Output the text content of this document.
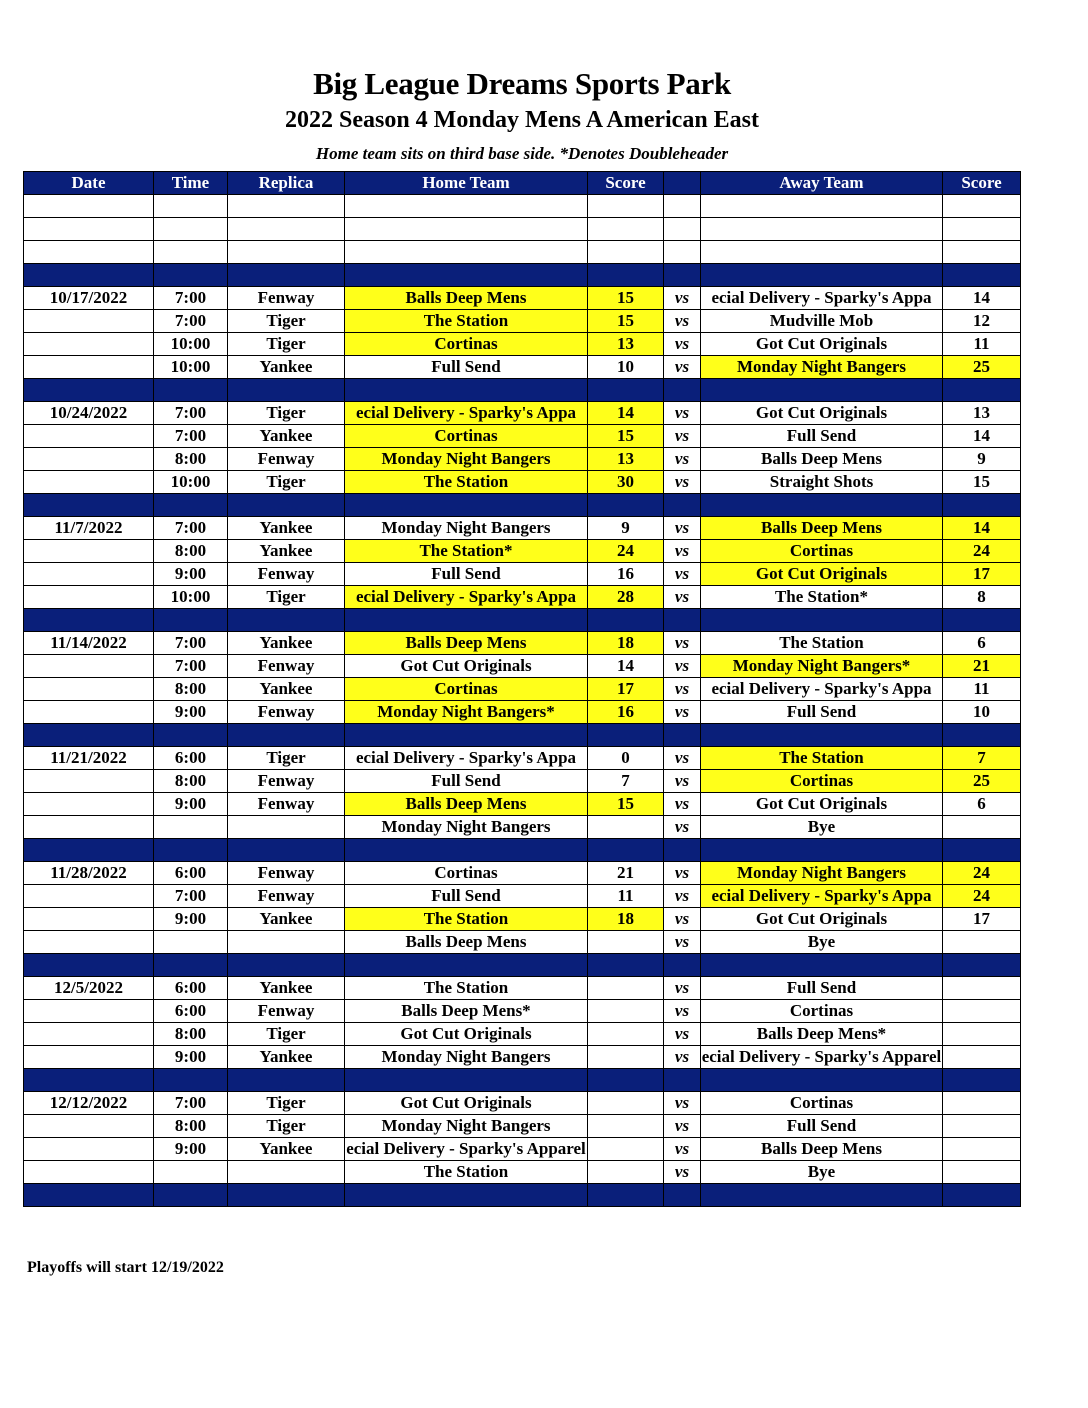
Big League Dreams Sports Park
2022 Season 4 Monday Mens A American East
Home team sits on third base side. *Denotes Doubleheader
Date	Time	Replica	Home Team	Score		Away Team	Score

10/17/2022	7:00	Fenway	Balls Deep Mens	15	vs	ecial Delivery - Sparky's Appa	14
	7:00	Tiger	The Station	15	vs	Mudville Mob	12
	10:00	Tiger	Cortinas	13	vs	Got Cut Originals	11
	10:00	Yankee	Full Send	10	vs	Monday Night Bangers	25

10/24/2022	7:00	Tiger	ecial Delivery - Sparky's Appa	14	vs	Got Cut Originals	13
	7:00	Yankee	Cortinas	15	vs	Full Send	14
	8:00	Fenway	Monday Night Bangers	13	vs	Balls Deep Mens	9
	10:00	Tiger	The Station	30	vs	Straight Shots	15

11/7/2022	7:00	Yankee	Monday Night Bangers	9	vs	Balls Deep Mens	14
	8:00	Yankee	The Station*	24	vs	Cortinas	24
	9:00	Fenway	Full Send	16	vs	Got Cut Originals	17
	10:00	Tiger	ecial Delivery - Sparky's Appa	28	vs	The Station*	8

11/14/2022	7:00	Yankee	Balls Deep Mens	18	vs	The Station	6
	7:00	Fenway	Got Cut Originals	14	vs	Monday Night Bangers*	21
	8:00	Yankee	Cortinas	17	vs	ecial Delivery - Sparky's Appa	11
	9:00	Fenway	Monday Night Bangers*	16	vs	Full Send	10

11/21/2022	6:00	Tiger	ecial Delivery - Sparky's Appa	0	vs	The Station	7
	8:00	Fenway	Full Send	7	vs	Cortinas	25
	9:00	Fenway	Balls Deep Mens	15	vs	Got Cut Originals	6
			Monday Night Bangers		vs	Bye	

11/28/2022	6:00	Fenway	Cortinas	21	vs	Monday Night Bangers	24
	7:00	Fenway	Full Send	11	vs	ecial Delivery - Sparky's Appa	24
	9:00	Yankee	The Station	18	vs	Got Cut Originals	17
			Balls Deep Mens		vs	Bye	

12/5/2022	6:00	Yankee	The Station		vs	Full Send	
	6:00	Fenway	Balls Deep Mens*		vs	Cortinas	
	8:00	Tiger	Got Cut Originals		vs	Balls Deep Mens*	
	9:00	Yankee	Monday Night Bangers		vs	ecial Delivery - Sparky's Apparel	

12/12/2022	7:00	Tiger	Got Cut Originals		vs	Cortinas	
	8:00	Tiger	Monday Night Bangers		vs	Full Send	
	9:00	Yankee	ecial Delivery - Sparky's Apparel		vs	Balls Deep Mens	
			The Station		vs	Bye	

Playoffs will start 12/19/2022
